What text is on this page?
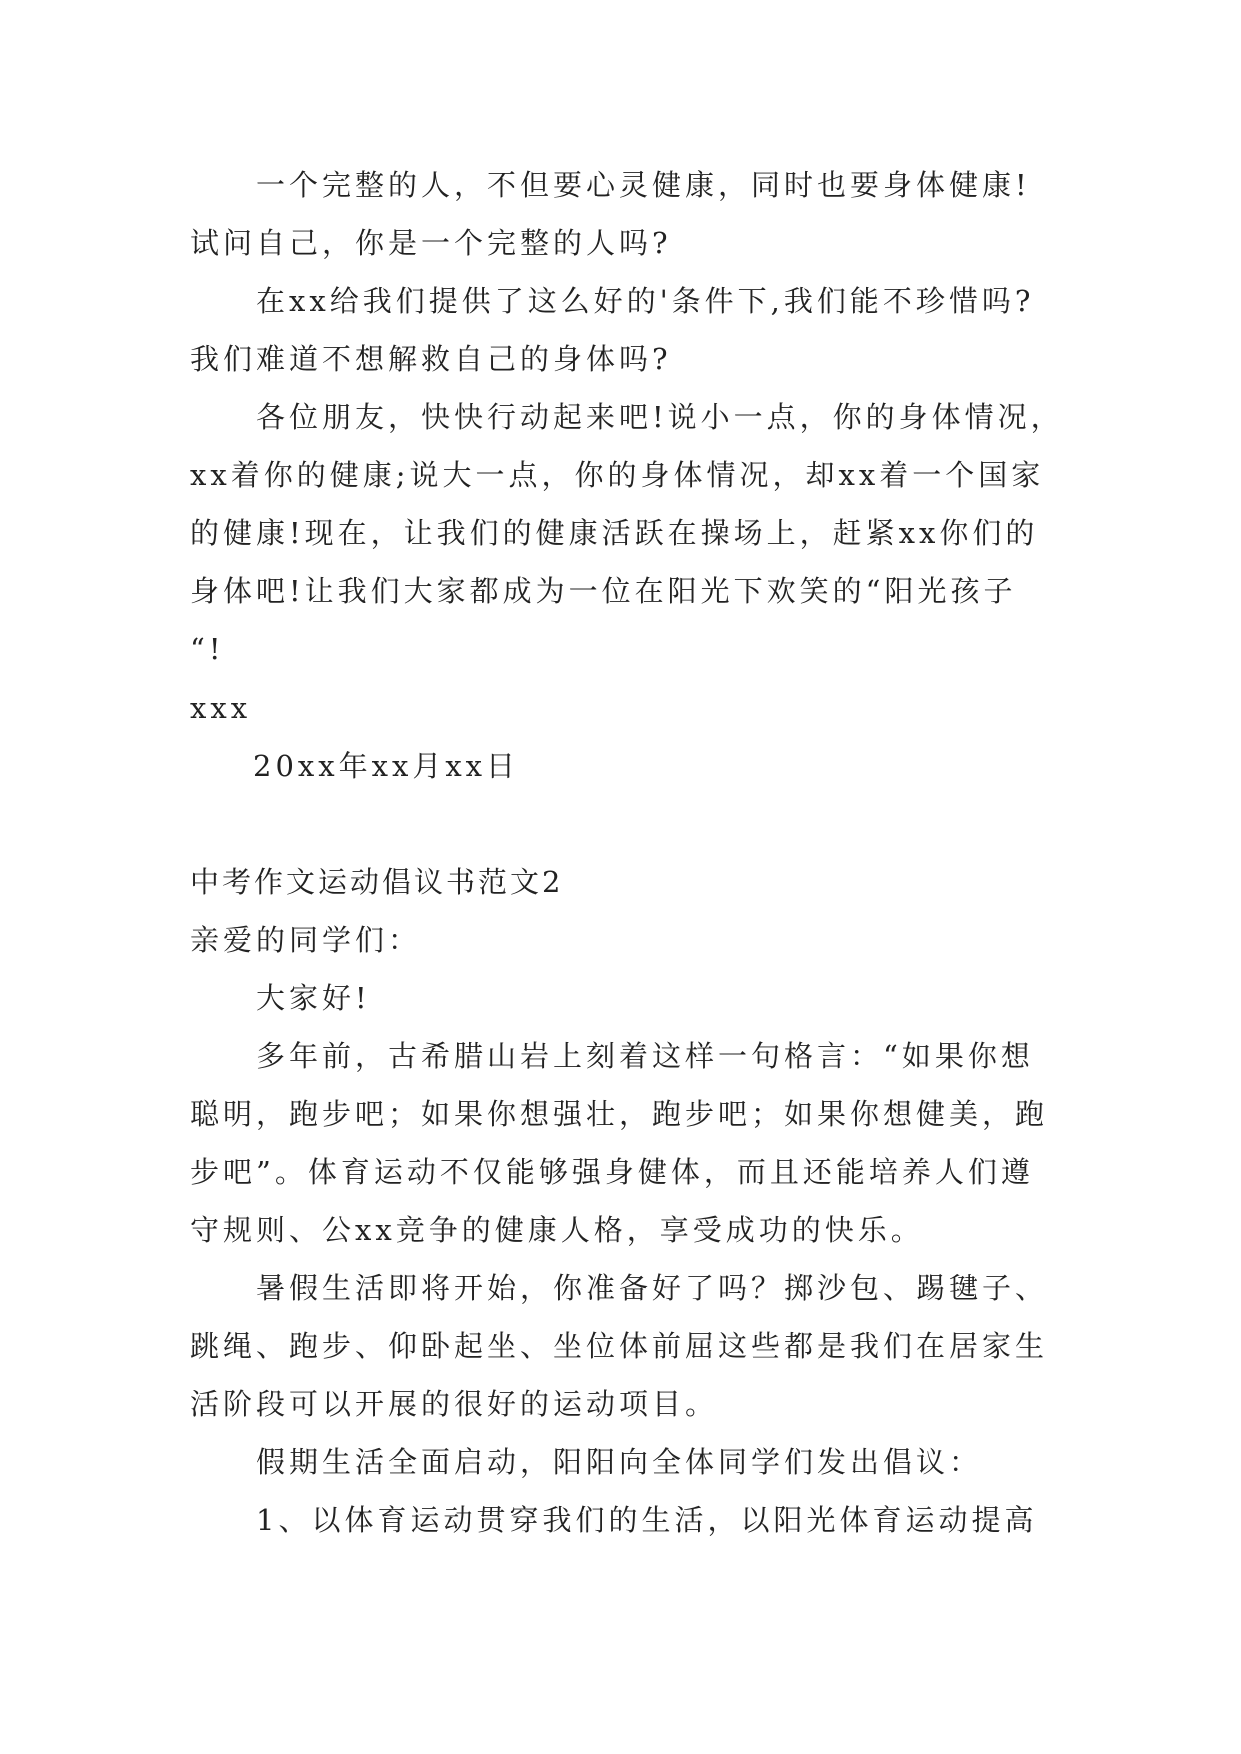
一个完整的人，不但要心灵健康，同时也要身体健康!
试问自己，你是一个完整的人吗?
在xx给我们提供了这么好的'条件下,我们能不珍惜吗?
我们难道不想解救自己的身体吗?
各位朋友，快快行动起来吧!说小一点，你的身体情况，
xx着你的健康;说大一点，你的身体情况，却xx着一个国家
的健康!现在，让我们的健康活跃在操场上，赶紧xx你们的
身体吧!让我们大家都成为一位在阳光下欢笑的“阳光孩子
“!
xxx
20xx年xx月xx日
中考作文运动倡议书范文2
亲爱的同学们：
大家好!
多年前，古希腊山岩上刻着这样一句格言：“如果你想
聪明，跑步吧；如果你想强壮，跑步吧；如果你想健美，跑
步吧”。体育运动不仅能够强身健体，而且还能培养人们遵
守规则、公xx竞争的健康人格，享受成功的快乐。
暑假生活即将开始，你准备好了吗？掷沙包、踢毽子、
跳绳、跑步、仰卧起坐、坐位体前屈这些都是我们在居家生
活阶段可以开展的很好的运动项目。
假期生活全面启动，阳阳向全体同学们发出倡议：
1、以体育运动贯穿我们的生活，以阳光体育运动提高
